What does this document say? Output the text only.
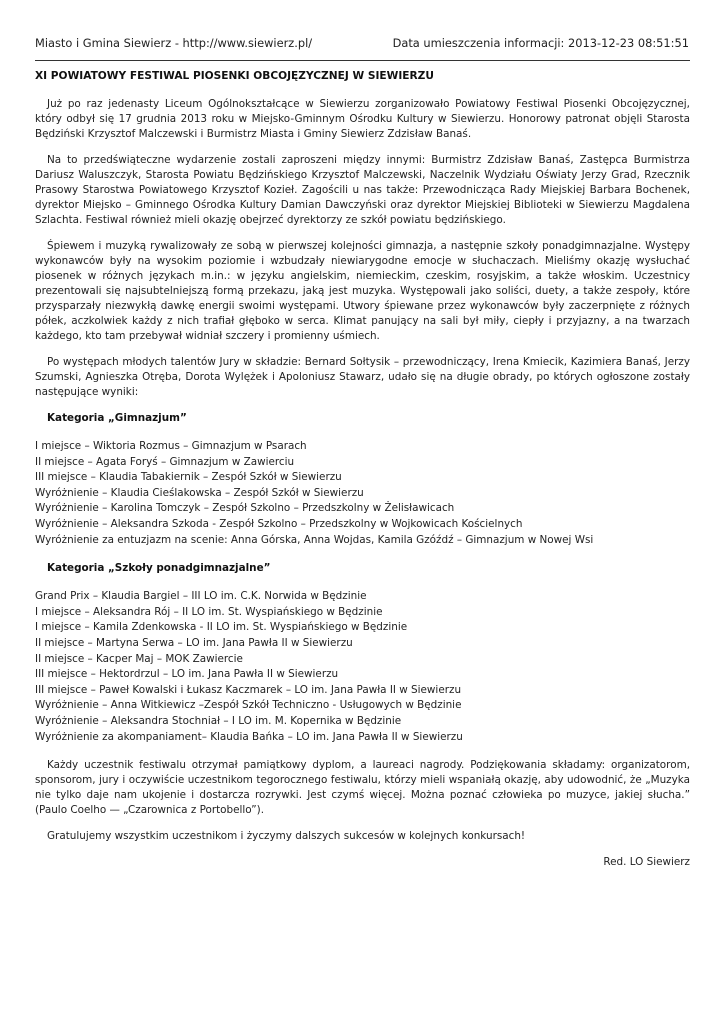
Miasto i Gmina Siewierz - http://www.siewierz.pl/	Data umieszczenia informacji: 2013-12-23 08:51:51
XI POWIATOWY FESTIWAL PIOSENKI OBCOJĘZYCZNEJ W SIEWIERZU

Już po raz jedenasty Liceum Ogólnokształcące w Siewierzu zorganizowało Powiatowy Festiwal Piosenki Obcojęzycznej, który odbył się 17 grudnia 2013 roku w Miejsko-Gminnym Ośrodku Kultury w Siewierzu. Honorowy patronat objęli Starosta Będziński Krzysztof Malczewski i Burmistrz Miasta i Gminy Siewierz Zdzisław Banaś.

Na to przedświąteczne wydarzenie zostali zaproszeni między innymi: Burmistrz Zdzisław Banaś, Zastępca Burmistrza Dariusz Waluszczyk, Starosta Powiatu Będzińskiego Krzysztof Malczewski, Naczelnik Wydziału Oświaty Jerzy Grad, Rzecznik Prasowy Starostwa Powiatowego Krzysztof Kozieł. Zagościli u nas także: Przewodnicząca Rady Miejskiej Barbara Bochenek, dyrektor Miejsko – Gminnego Ośrodka Kultury Damian Dawczyński oraz dyrektor Miejskiej Biblioteki w Siewierzu Magdalena Szlachta. Festiwal również mieli okazję obejrzeć dyrektorzy ze szkół powiatu będzińskiego.

Śpiewem i muzyką rywalizowały ze sobą w pierwszej kolejności gimnazja, a następnie szkoły ponadgimnazjalne. Występy wykonawców były na wysokim poziomie i wzbudzały niewiarygodne emocje w słuchaczach. Mieliśmy okazję wysłuchać piosenek w różnych językach m.in.: w języku angielskim, niemieckim, czeskim, rosyjskim, a także włoskim. Uczestnicy prezentowali się najsubtelniejszą formą przekazu, jaką jest muzyka. Występowali jako soliści, duety, a także zespoły, które przysparzały niezwykłą dawkę energii swoimi występami. Utwory śpiewane przez wykonawców były zaczerpnięte z różnych półek, aczkolwiek każdy z nich trafiał głęboko w serca. Klimat panujący na sali był miły, ciepły i przyjazny, a na twarzach każdego, kto tam przebywał widniał szczery i promienny uśmiech.

Po występach młodych talentów Jury w składzie: Bernard Sołtysik – przewodniczący, Irena Kmiecik, Kazimiera Banaś, Jerzy Szumski, Agnieszka Otręba, Dorota Wylężek i Apoloniusz Stawarz, udało się na długie obrady, po których ogłoszone zostały następujące wyniki:

Kategoria „Gimnazjum”
I miejsce – Wiktoria Rozmus – Gimnazjum w Psarach
II miejsce – Agata Foryś – Gimnazjum w Zawierciu
III miejsce – Klaudia Tabakiernik – Zespół Szkół w Siewierzu
Wyróżnienie – Klaudia Cieślakowska – Zespół Szkół w Siewierzu
Wyróżnienie – Karolina Tomczyk – Zespół Szkolno – Przedszkolny w Żelisławicach
Wyróżnienie – Aleksandra Szkoda - Zespół Szkolno – Przedszkolny w Wojkowicach Kościelnych
Wyróżnienie za entuzjazm na scenie: Anna Górska, Anna Wojdas, Kamila Gzóźdź – Gimnazjum w Nowej Wsi
Kategoria „Szkoły ponadgimnazjalne”
Grand Prix – Klaudia Bargiel – III LO im. C.K. Norwida w Będzinie
I miejsce – Aleksandra Rój – II LO im. St. Wyspiańskiego w Będzinie
I miejsce – Kamila Zdenkowska - II LO im. St. Wyspiańskiego w Będzinie
II miejsce – Martyna Serwa – LO im. Jana Pawła II w Siewierzu
II miejsce – Kacper Maj – MOK Zawiercie
III miejsce – Hektordrzul – LO im. Jana Pawła II w Siewierzu
III miejsce – Paweł Kowalski i Łukasz Kaczmarek – LO im. Jana Pawła II w Siewierzu
Wyróżnienie – Anna Witkiewicz –Zespół Szkół Techniczno - Usługowych w Będzinie
Wyróżnienie – Aleksandra Stochniał – I LO im. M. Kopernika w Będzinie
Wyróżnienie za akompaniament– Klaudia Bańka – LO im. Jana Pawła II w Siewierzu

Każdy uczestnik festiwalu otrzymał pamiątkowy dyplom, a laureaci nagrody. Podziękowania składamy: organizatorom, sponsorom, jury i oczywiście uczestnikom tegorocznego festiwalu, którzy mieli wspaniałą okazję, aby udowodnić, że „Muzyka nie tylko daje nam ukojenie i dostarcza rozrywki. Jest czymś więcej. Można poznać człowieka po muzyce, jakiej słucha.” (Paulo Coelho — „Czarownica z Portobello”).

Gratulujemy wszystkim uczestnikom i życzymy dalszych sukcesów w kolejnych konkursach!

Red. LO Siewierz
